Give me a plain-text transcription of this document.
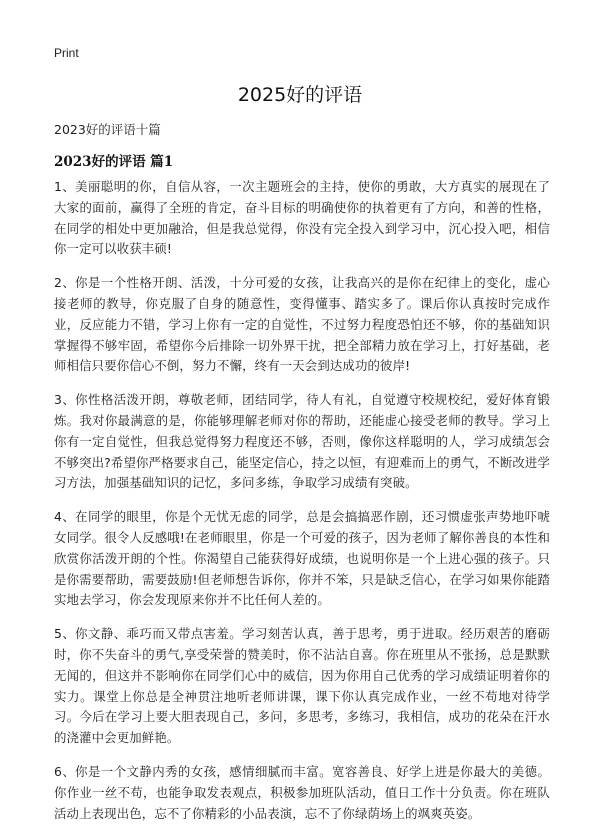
Print
2025好的评语
2023好的评语十篇
2023好的评语 篇1

1、美丽聪明的你，自信从容，一次主题班会的主持，使你的勇敢，大方真实的展现在了大家的面前，赢得了全班的肯定，奋斗目标的明确使你的执着更有了方向，和善的性格，在同学的相处中更加融洽，但是我总觉得，你没有完全投入到学习中，沉心投入吧，相信你一定可以收获丰硕!

2、你是一个性格开朗、活泼，十分可爱的女孩，让我高兴的是你在纪律上的变化，虚心接老师的教导，你克服了自身的随意性，变得懂事、踏实多了。课后你认真按时完成作业，反应能力不错，学习上你有一定的自觉性，不过努力程度恐怕还不够，你的基础知识掌握得不够牢固，希望你今后排除一切外界干扰，把全部精力放在学习上，打好基础，老师相信只要你信心不倒，努力不懈，终有一天会到达成功的彼岸!

3、你性格活泼开朗，尊敬老师，团结同学，待人有礼，自觉遵守校规校纪，爱好体育锻炼。我对你最满意的是，你能够理解老师对你的帮助，还能虚心接受老师的教导。学习上你有一定自觉性，但我总觉得努力程度还不够，否则，像你这样聪明的人，学习成绩怎会不够突出?希望你严格要求自己，能坚定信心，持之以恒，有迎难而上的勇气，不断改进学习方法，加强基础知识的记忆，多问多练，争取学习成绩有突破。

4、在同学的眼里，你是个无忧无虑的同学，总是会搞搞恶作剧，还习惯虚张声势地吓唬女同学。很令人反感哦!在老师眼里，你是一个可爱的孩子，因为老师了解你善良的本性和欣赏你活泼开朗的个性。你渴望自己能获得好成绩，也说明你是一个上进心强的孩子。只是你需要帮助，需要鼓励!但老师想告诉你，你并不笨，只是缺乏信心，在学习如果你能踏实地去学习，你会发现原来你并不比任何人差的。

5、你文静、乖巧而又带点害羞。学习刻苦认真，善于思考，勇于进取。经历艰苦的磨砺时，你不失奋斗的勇气,享受荣誉的赞美时，你不沾沾自喜。你在班里从不张扬，总是默默无闻的，但这并不影响你在同学们心中的威信，因为你用自己优秀的学习成绩证明着你的实力。课堂上你总是全神贯注地听老师讲课，课下你认真完成作业，一丝不苟地对待学习。今后在学习上要大胆表现自己，多问，多思考，多练习，我相信，成功的花朵在汗水的浇灌中会更加鲜艳。

6、你是一个文静内秀的女孩，感情细腻而丰富。宽容善良、好学上进是你最大的美德。你作业一丝不苟，也能争取发表观点，积极参加班队活动，值日工作十分负责。你在班队活动上表现出色，忘不了你精彩的小品表演，忘不了你绿荫场上的飒爽英姿。
